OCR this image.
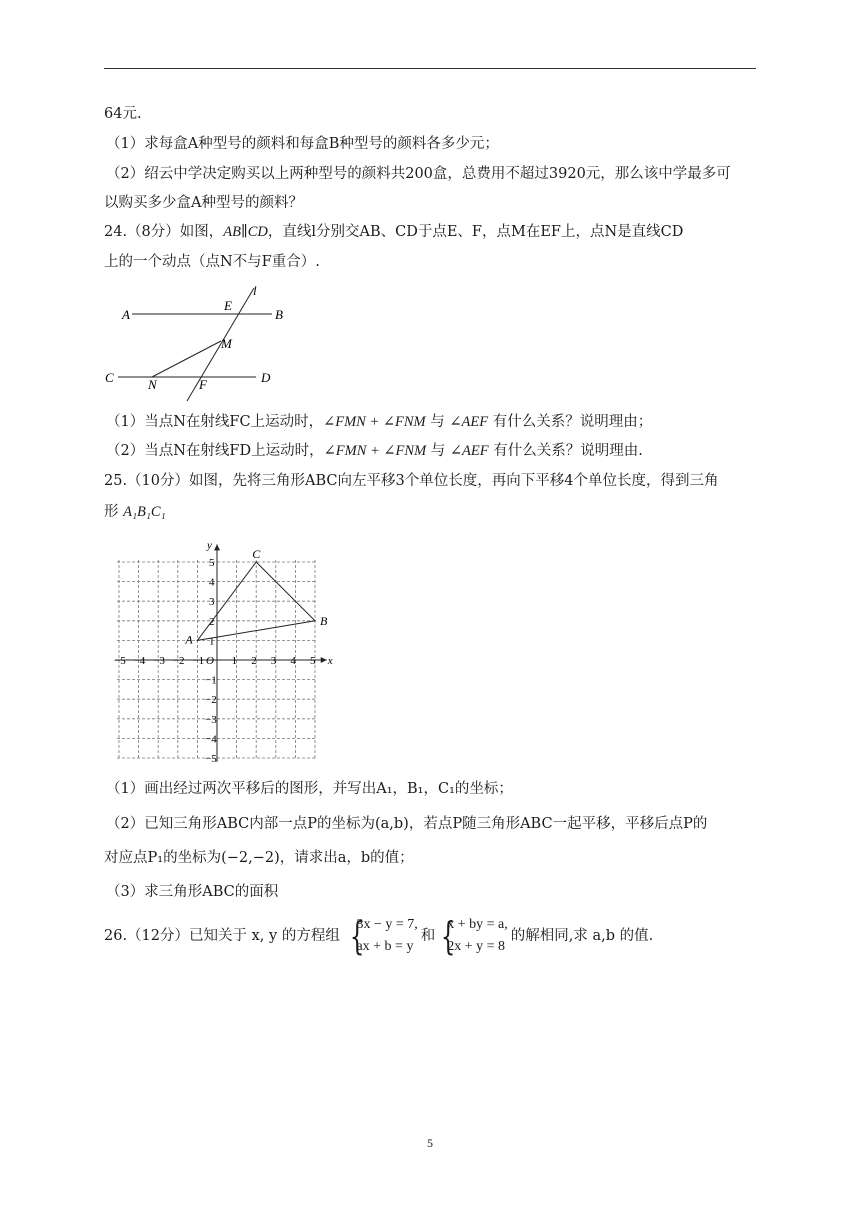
64元.
（1）求每盒A种型号的颜料和每盒B种型号的颜料各多少元；
（2）绍云中学决定购买以上两种型号的颜料共200盒，总费用不超过3920元，那么该中学最多可
以购买多少盒A种型号的颜料？
24.（8分）如图，AB∥CD，直线l分别交AB、CD于点E、F，点M在EF上，点N是直线CD
上的一个动点（点N不与F重合）.
A	B
C	D
E
F
M
N
l
（1）当点N在射线FC上运动时，∠FMN + ∠FNM 与 ∠AEF 有什么关系？说明理由；
（2）当点N在射线FD上运动时，∠FMN + ∠FNM 与 ∠AEF 有什么关系？说明理由.
25.（10分）如图，先将三角形ABC向左平移3个单位长度，再向下平移4个单位长度，得到三角
形 A₁B₁C₁
x
y
−5 −4 −3 −2 −1 O 1 2 3 4 5
5
4
3
2
1
−1
−2
−3
−4
−5
A
B
C
（1）画出经过两次平移后的图形，并写出A₁，B₁，C₁的坐标；
（2）已知三角形ABC内部一点P的坐标为(a,b)，若点P随三角形ABC一起平移，平移后点P的
对应点P₁的坐标为(−2,−2)，请求出a，b的值；
（3）求三角形ABC的面积
26.（12分）已知关于 x, y 的方程组
{ 3x − y = 7,
ax + b = y
和
{ x + by = a,
2x + y = 8
的解相同,求 a,b 的值.
5
